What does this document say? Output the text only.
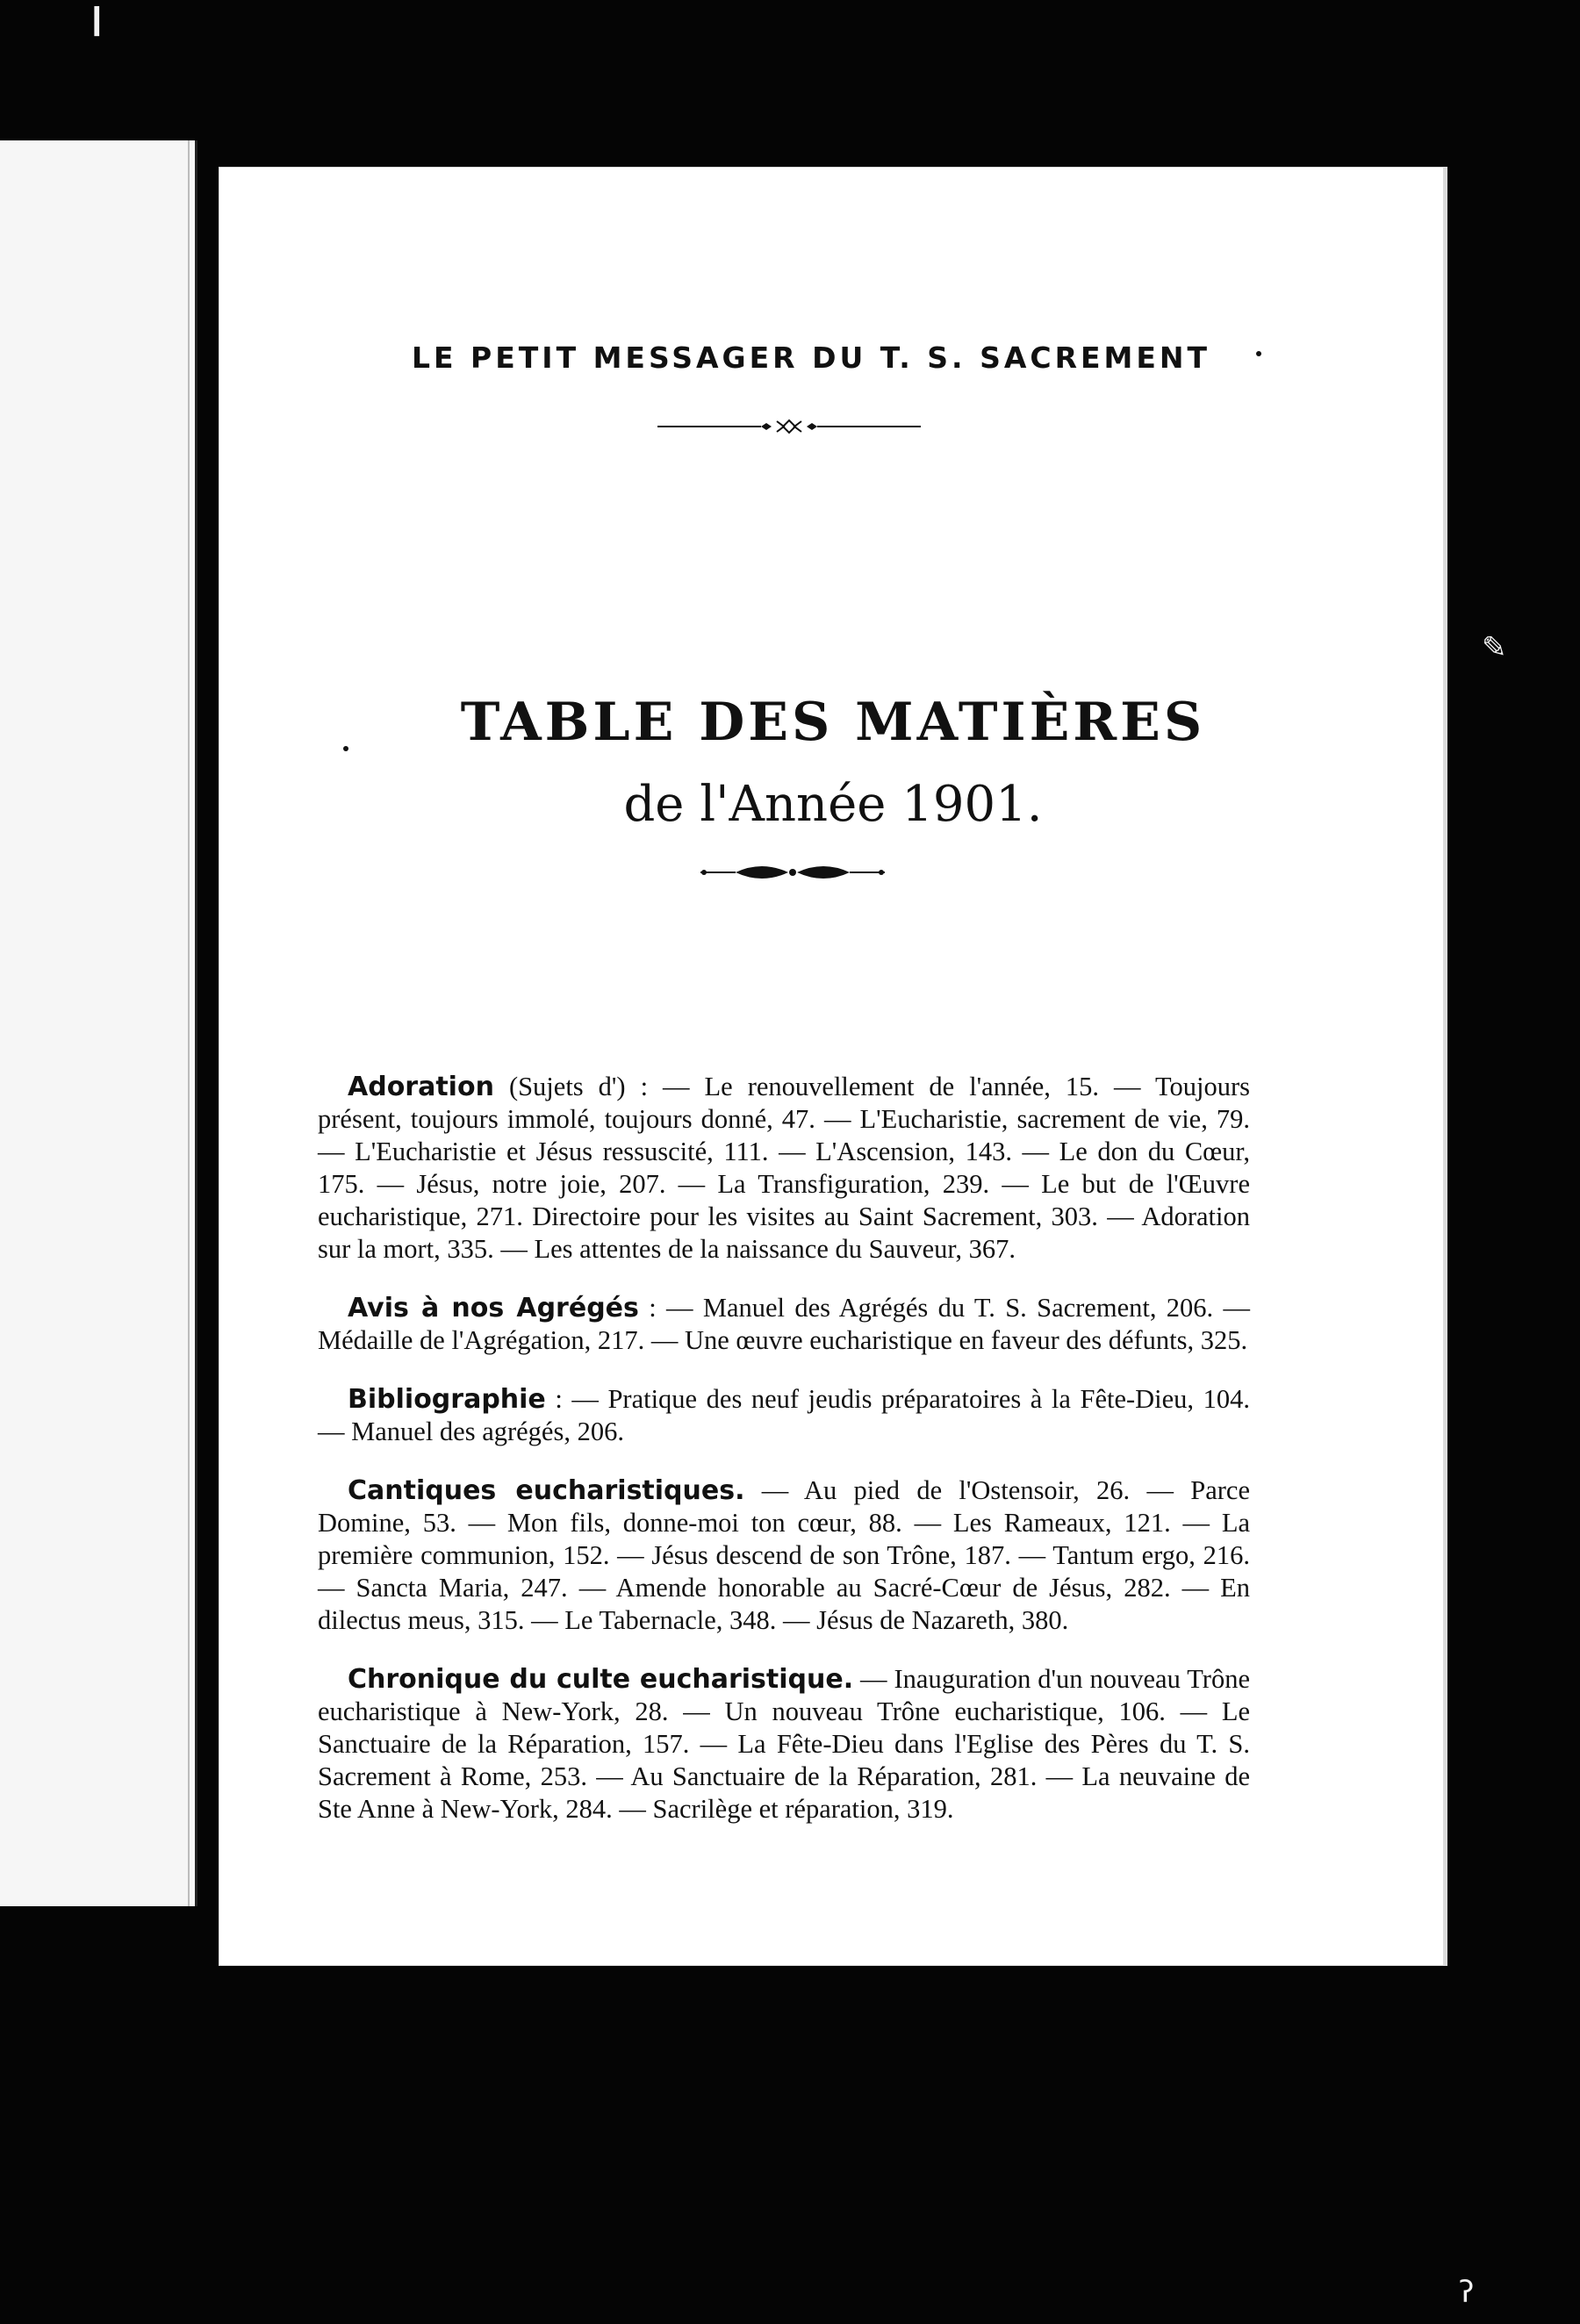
❙
✎
ʔ
LE PETIT MESSAGER DU T. S. SACREMENT
TABLE DES MATIÈRES
de l'Année 1901.

Adoration (Sujets d') : — Le renouvellement de l'année, 15. — Toujours présent, toujours immolé, toujours donné, 47. — L'Eucharistie, sacrement de vie, 79. — L'Eucharistie et Jésus ressuscité, 111. — L'Ascension, 143. — Le don du Cœur, 175. — Jésus, notre joie, 207. — La Transfiguration, 239. — Le but de l'Œuvre eucharistique, 271. Directoire pour les visites au Saint Sacrement, 303. — Adoration sur la mort, 335. — Les attentes de la naissance du Sauveur, 367.

Avis à nos Agrégés : — Manuel des Agrégés du T. S. Sacrement, 206. — Médaille de l'Agrégation, 217. — Une œuvre eucharistique en faveur des défunts, 325.

Bibliographie : — Pratique des neuf jeudis préparatoires à la Fête-Dieu, 104. — Manuel des agrégés, 206.

Cantiques eucharistiques. — Au pied de l'Ostensoir, 26. — Parce Domine, 53. — Mon fils, donne-moi ton cœur, 88. — Les Rameaux, 121. — La première communion, 152. — Jésus descend de son Trône, 187. — Tantum ergo, 216. — Sancta Maria, 247. — Amende honorable au Sacré-Cœur de Jésus, 282. — En dilectus meus, 315. — Le Tabernacle, 348. — Jésus de Nazareth, 380.

Chronique du culte eucharistique. — Inauguration d'un nouveau Trône eucharistique à New-York, 28. — Un nouveau Trône eucharistique, 106. — Le Sanctuaire de la Réparation, 157. — La Fête-Dieu dans l'Eglise des Pères du T. S. Sacrement à Rome, 253. — Au Sanctuaire de la Réparation, 281. — La neuvaine de Ste Anne à New-York, 284. — Sacrilège et réparation, 319.
